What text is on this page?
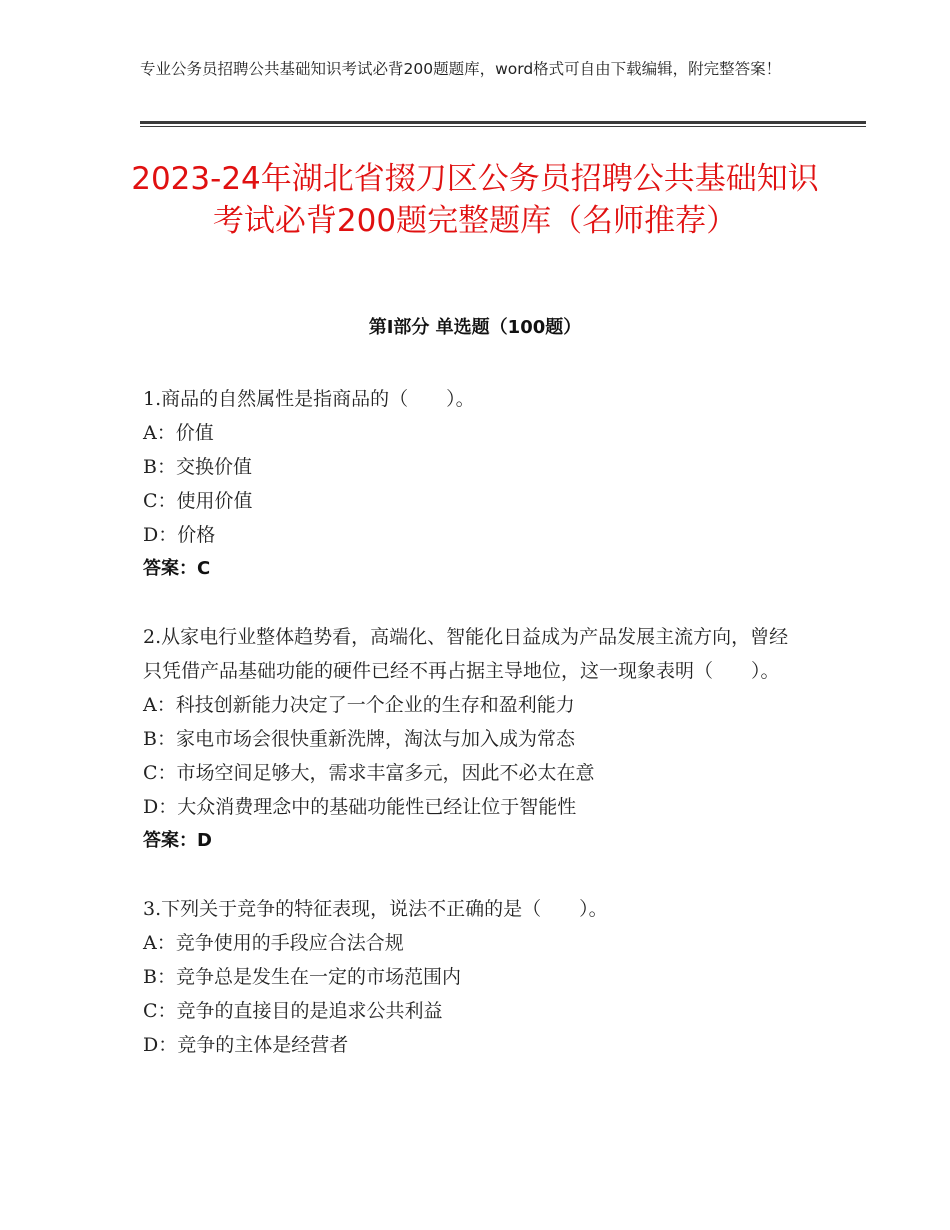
专业公务员招聘公共基础知识考试必背200题题库，word格式可自由下载编辑，附完整答案！
2023-24年湖北省掇刀区公务员招聘公共基础知识考试必背200题完整题库（名师推荐）
第Ⅰ部分 单选题（100题）

1.商品的自然属性是指商品的（　　）。

A：价值

B：交换价值

C：使用价值

D：价格

答案：C

2.从家电行业整体趋势看，高端化、智能化日益成为产品发展主流方向，曾经只凭借产品基础功能的硬件已经不再占据主导地位，这一现象表明（　　）。

A：科技创新能力决定了一个企业的生存和盈利能力

B：家电市场会很快重新洗牌，淘汰与加入成为常态

C：市场空间足够大，需求丰富多元，因此不必太在意

D：大众消费理念中的基础功能性已经让位于智能性

答案：D

3.下列关于竞争的特征表现，说法不正确的是（　　）。

A：竞争使用的手段应合法合规

B：竞争总是发生在一定的市场范围内

C：竞争的直接目的是追求公共利益

D：竞争的主体是经营者
